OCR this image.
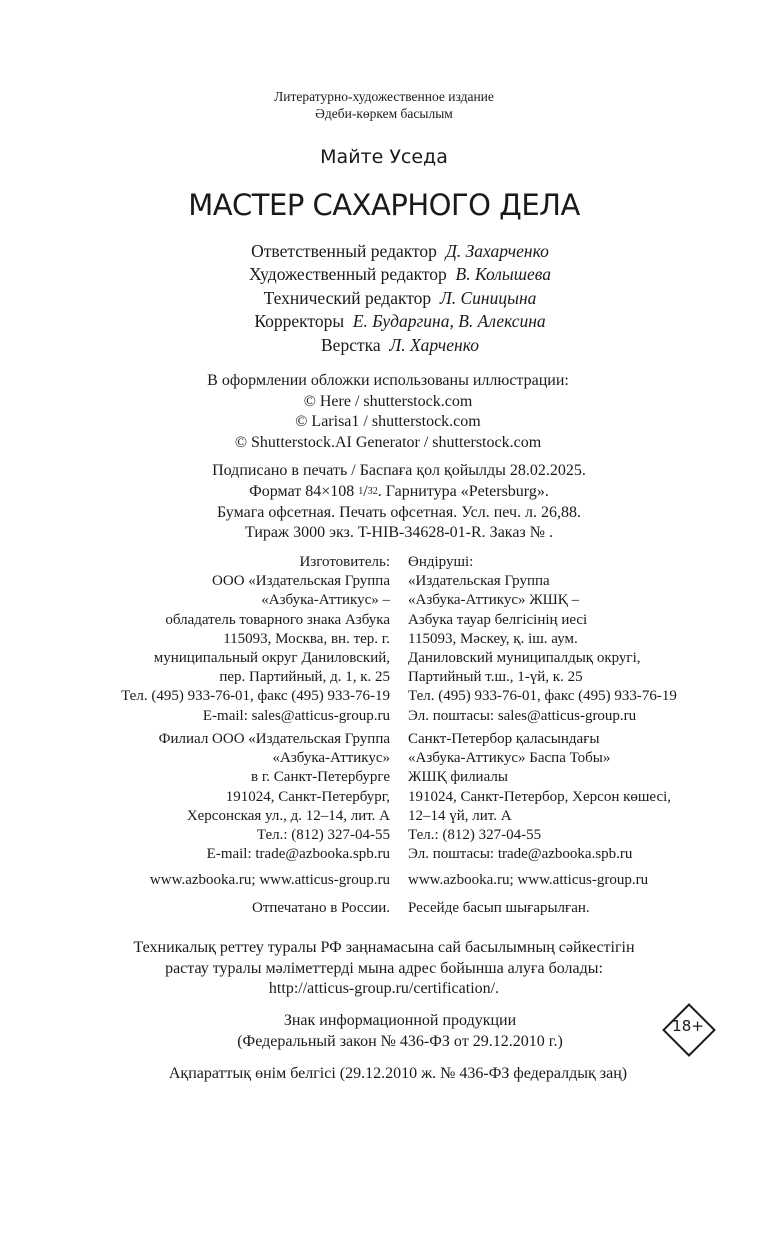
Литературно-художественное издание
Әдеби-көркем басылым
Майте Уседа
МАСТЕР САХАРНОГО ДЕЛА
Ответственный редактор Д. Захарченко
Художественный редактор В. Колышева
Технический редактор Л. Синицына
Корректоры Е. Бударгина, В. Алексина
Верстка Л. Харченко
В оформлении обложки использованы иллюстрации:
© Here / shutterstock.com
© Larisa1 / shutterstock.com
© Shutterstock.AI Generator / shutterstock.com
Подписано в печать / Баспаға қол қойылды 28.02.2025.
Формат 84×108 $^1$/32. Гарнитура «Petersburg».
Бумага офсетная. Печать офсетная. Усл. печ. л. 26,88.
Тираж 3000 экз. T-HIB-34628-01-R. Заказ № .
Изготовитель:
ООО «Издательская Группа
«Азбука-Аттикус» –
обладатель товарного знака Азбука
115093, Москва, вн. тер. г.
муниципальный округ Даниловский,
пер. Партийный, д. 1, к. 25
Тел. (495) 933-76-01, факс (495) 933-76-19
E-mail: sales@atticus-group.ru
Өндіруші:
«Издательская Группа
«Азбука-Аттикус» ЖШҚ –
Азбука тауар белгісінің иесі
115093, Мәскеу, қ. іш. аум.
Даниловский муниципалдық округі,
Партийный т.ш., 1-үй, к. 25
Тел. (495) 933-76-01, факс (495) 933-76-19
Эл. поштасы: sales@atticus-group.ru
Филиал ООО «Издательская Группа
«Азбука-Аттикус»
в г. Санкт-Петербурге
191024, Санкт-Петербург,
Херсонская ул., д. 12–14, лит. А
Тел.: (812) 327-04-55
E-mail: trade@azbooka.spb.ru
Санкт-Петербор қаласындағы
«Азбука-Аттикус» Баспа Тобы»
ЖШҚ филиалы
191024, Санкт-Петербор, Херсон көшесі,
12–14 үй, лит. А
Тел.: (812) 327-04-55
Эл. поштасы: trade@azbooka.spb.ru
www.azbooka.ru; www.atticus-group.ru www.azbooka.ru; www.atticus-group.ru
Отпечатано в России. Ресейде басып шығарылған.
Техникалық реттеу туралы РФ заңнамасына сай басылымның сәйкестігін
растау туралы мәліметтерді мына адрес бойынша алуға болады:
http://atticus-group.ru/certification/.
Знак информационной продукции
(Федеральный закон № 436-ФЗ от 29.12.2010 г.)
18+
Ақпараттық өнім белгісі (29.12.2010 ж. № 436-ФЗ федералдық заң)
